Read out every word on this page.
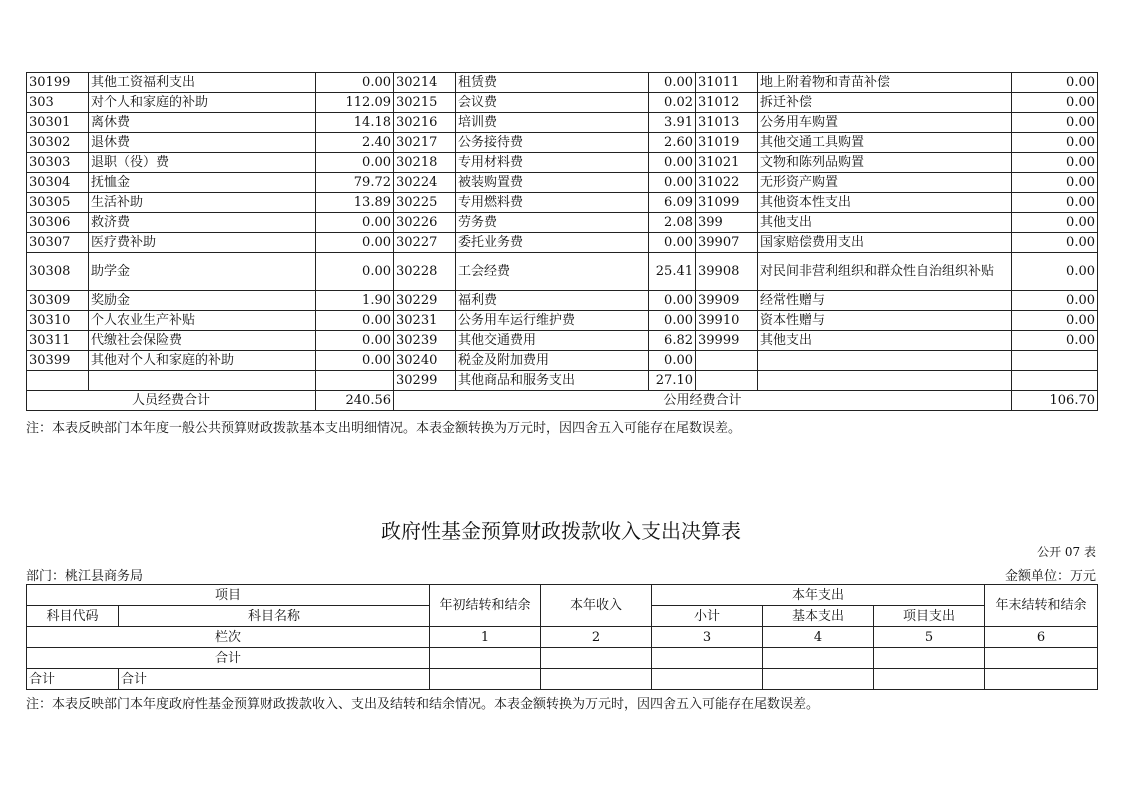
30199	其他工资福利支出	0.00	30214	租赁费	0.00	31011	地上附着物和青苗补偿	0.00
303	对个人和家庭的补助	112.09	30215	会议费	0.02	31012	拆迁补偿	0.00
30301	离休费	14.18	30216	培训费	3.91	31013	公务用车购置	0.00
30302	退休费	2.40	30217	公务接待费	2.60	31019	其他交通工具购置	0.00
30303	退职（役）费	0.00	30218	专用材料费	0.00	31021	文物和陈列品购置	0.00
30304	抚恤金	79.72	30224	被装购置费	0.00	31022	无形资产购置	0.00
30305	生活补助	13.89	30225	专用燃料费	6.09	31099	其他资本性支出	0.00
30306	救济费	0.00	30226	劳务费	2.08	399	其他支出	0.00
30307	医疗费补助	0.00	30227	委托业务费	0.00	39907	国家赔偿费用支出	0.00
30308	助学金	0.00	30228	工会经费	25.41	39908	对民间非营利组织和群众性自治组织补贴	0.00
30309	奖励金	1.90	30229	福利费	0.00	39909	经常性赠与	0.00
30310	个人农业生产补贴	0.00	30231	公务用车运行维护费	0.00	39910	资本性赠与	0.00
30311	代缴社会保险费	0.00	30239	其他交通费用	6.82	39999	其他支出	0.00
30399	其他对个人和家庭的补助	0.00	30240	税金及附加费用	0.00			
			30299	其他商品和服务支出	27.10			
人员经费合计		240.56	公用经费合计					106.70
注：本表反映部门本年度一般公共预算财政拨款基本支出明细情况。本表金额转换为万元时，因四舍五入可能存在尾数误差。
政府性基金预算财政拨款收入支出决算表
公开 07 表
部门：桃江县商务局	金额单位：万元
项目		年初结转和结余	本年收入	本年支出			年末结转和结余
科目代码	科目名称			小计	基本支出	项目支出	
栏次		1	2	3	4	5	6
合计							
合计	合计						
注：本表反映部门本年度政府性基金预算财政拨款收入、支出及结转和结余情况。本表金额转换为万元时，因四舍五入可能存在尾数误差。
